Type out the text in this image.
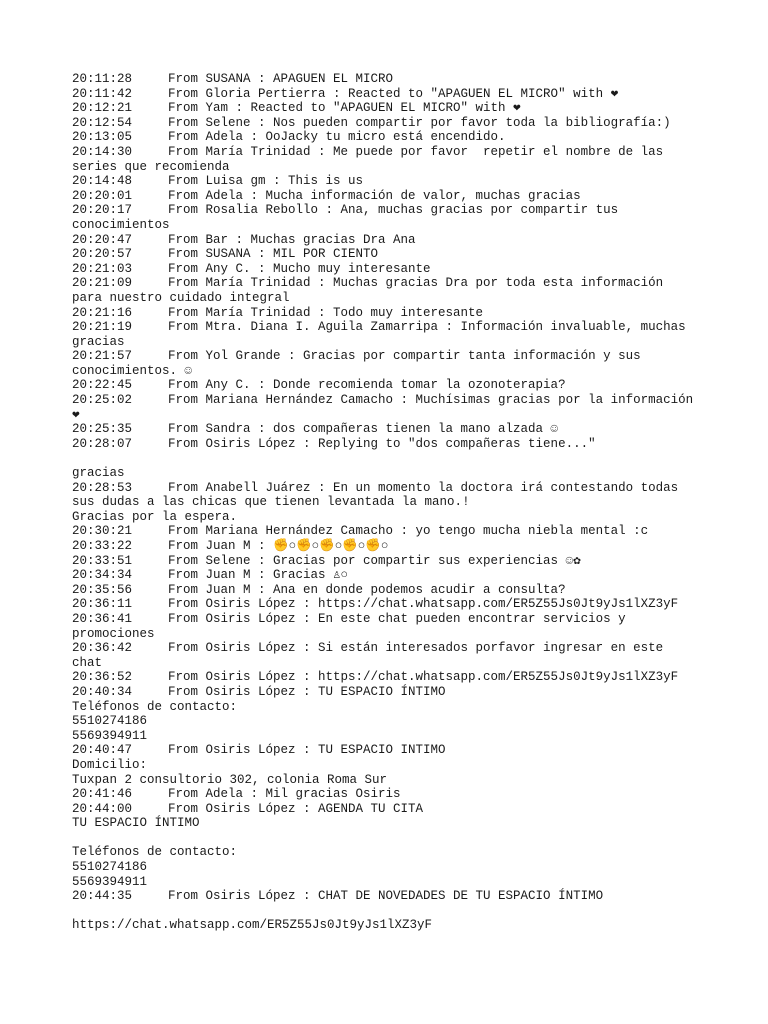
20:11:28	From SUSANA : APAGUEN EL MICRO
20:11:42	From Gloria Pertierra : Reacted to "APAGUEN EL MICRO" with ❤
20:12:21	From Yam : Reacted to "APAGUEN EL MICRO" with ❤
20:12:54	From Selene : Nos pueden compartir por favor toda la bibliografía:)
20:13:05	From Adela : OoJacky tu micro está encendido.
20:14:30	From María Trinidad : Me puede por favor  repetir el nombre de las
series que recomienda
20:14:48	From Luisa gm : This is us
20:20:01	From Adela : Mucha información de valor, muchas gracias
20:20:17	From Rosalia Rebollo : Ana, muchas gracias por compartir tus
conocimientos
20:20:47	From Bar : Muchas gracias Dra Ana
20:20:57	From SUSANA : MIL POR CIENTO
20:21:03	From Any C. : Mucho muy interesante
20:21:09	From María Trinidad : Muchas gracias Dra por toda esta información
para nuestro cuidado integral
20:21:16	From María Trinidad : Todo muy interesante
20:21:19	From Mtra. Diana I. Aguila Zamarripa : Información invaluable, muchas
gracias
20:21:57	From Yol Grande : Gracias por compartir tanta información y sus
conocimientos. ☺
20:22:45	From Any C. : Donde recomienda tomar la ozonoterapia?
20:25:02	From Mariana Hernández Camacho : Muchísimas gracias por la información
❤
20:25:35	From Sandra : dos compañeras tienen la mano alzada ☺
20:28:07	From Osiris López : Replying to "dos compañeras tiene..."
gracias
20:28:53	From Anabell Juárez : En un momento la doctora irá contestando todas
sus dudas a las chicas que tienen levantada la mano.!
Gracias por la espera.
20:30:21	From Mariana Hernández Camacho : yo tengo mucha niebla mental :c
20:33:22	From Juan M : ✊○✊○✊○✊○✊○
20:33:51	From Selene : Gracias por compartir sus experiencias ☺✿
20:34:34	From Juan M : Gracias ♙○
20:35:56	From Juan M : Ana en donde podemos acudir a consulta?
20:36:11	From Osiris López : https://chat.whatsapp.com/ER5Z55Js0Jt9yJs1lXZ3yF
20:36:41	From Osiris López : En este chat pueden encontrar servicios y
promociones
20:36:42	From Osiris López : Si están interesados porfavor ingresar en este
chat
20:36:52	From Osiris López : https://chat.whatsapp.com/ER5Z55Js0Jt9yJs1lXZ3yF
20:40:34	From Osiris López : TU ESPACIO ÍNTIMO
Teléfonos de contacto:
5510274186
5569394911
20:40:47	From Osiris López : TU ESPACIO INTIMO
Domicilio:
Tuxpan 2 consultorio 302, colonia Roma Sur
20:41:46	From Adela : Mil gracias Osiris
20:44:00	From Osiris López : AGENDA TU CITA
TU ESPACIO ÍNTIMO
Teléfonos de contacto:
5510274186
5569394911
20:44:35	From Osiris López : CHAT DE NOVEDADES DE TU ESPACIO ÍNTIMO
https://chat.whatsapp.com/ER5Z55Js0Jt9yJs1lXZ3yF
